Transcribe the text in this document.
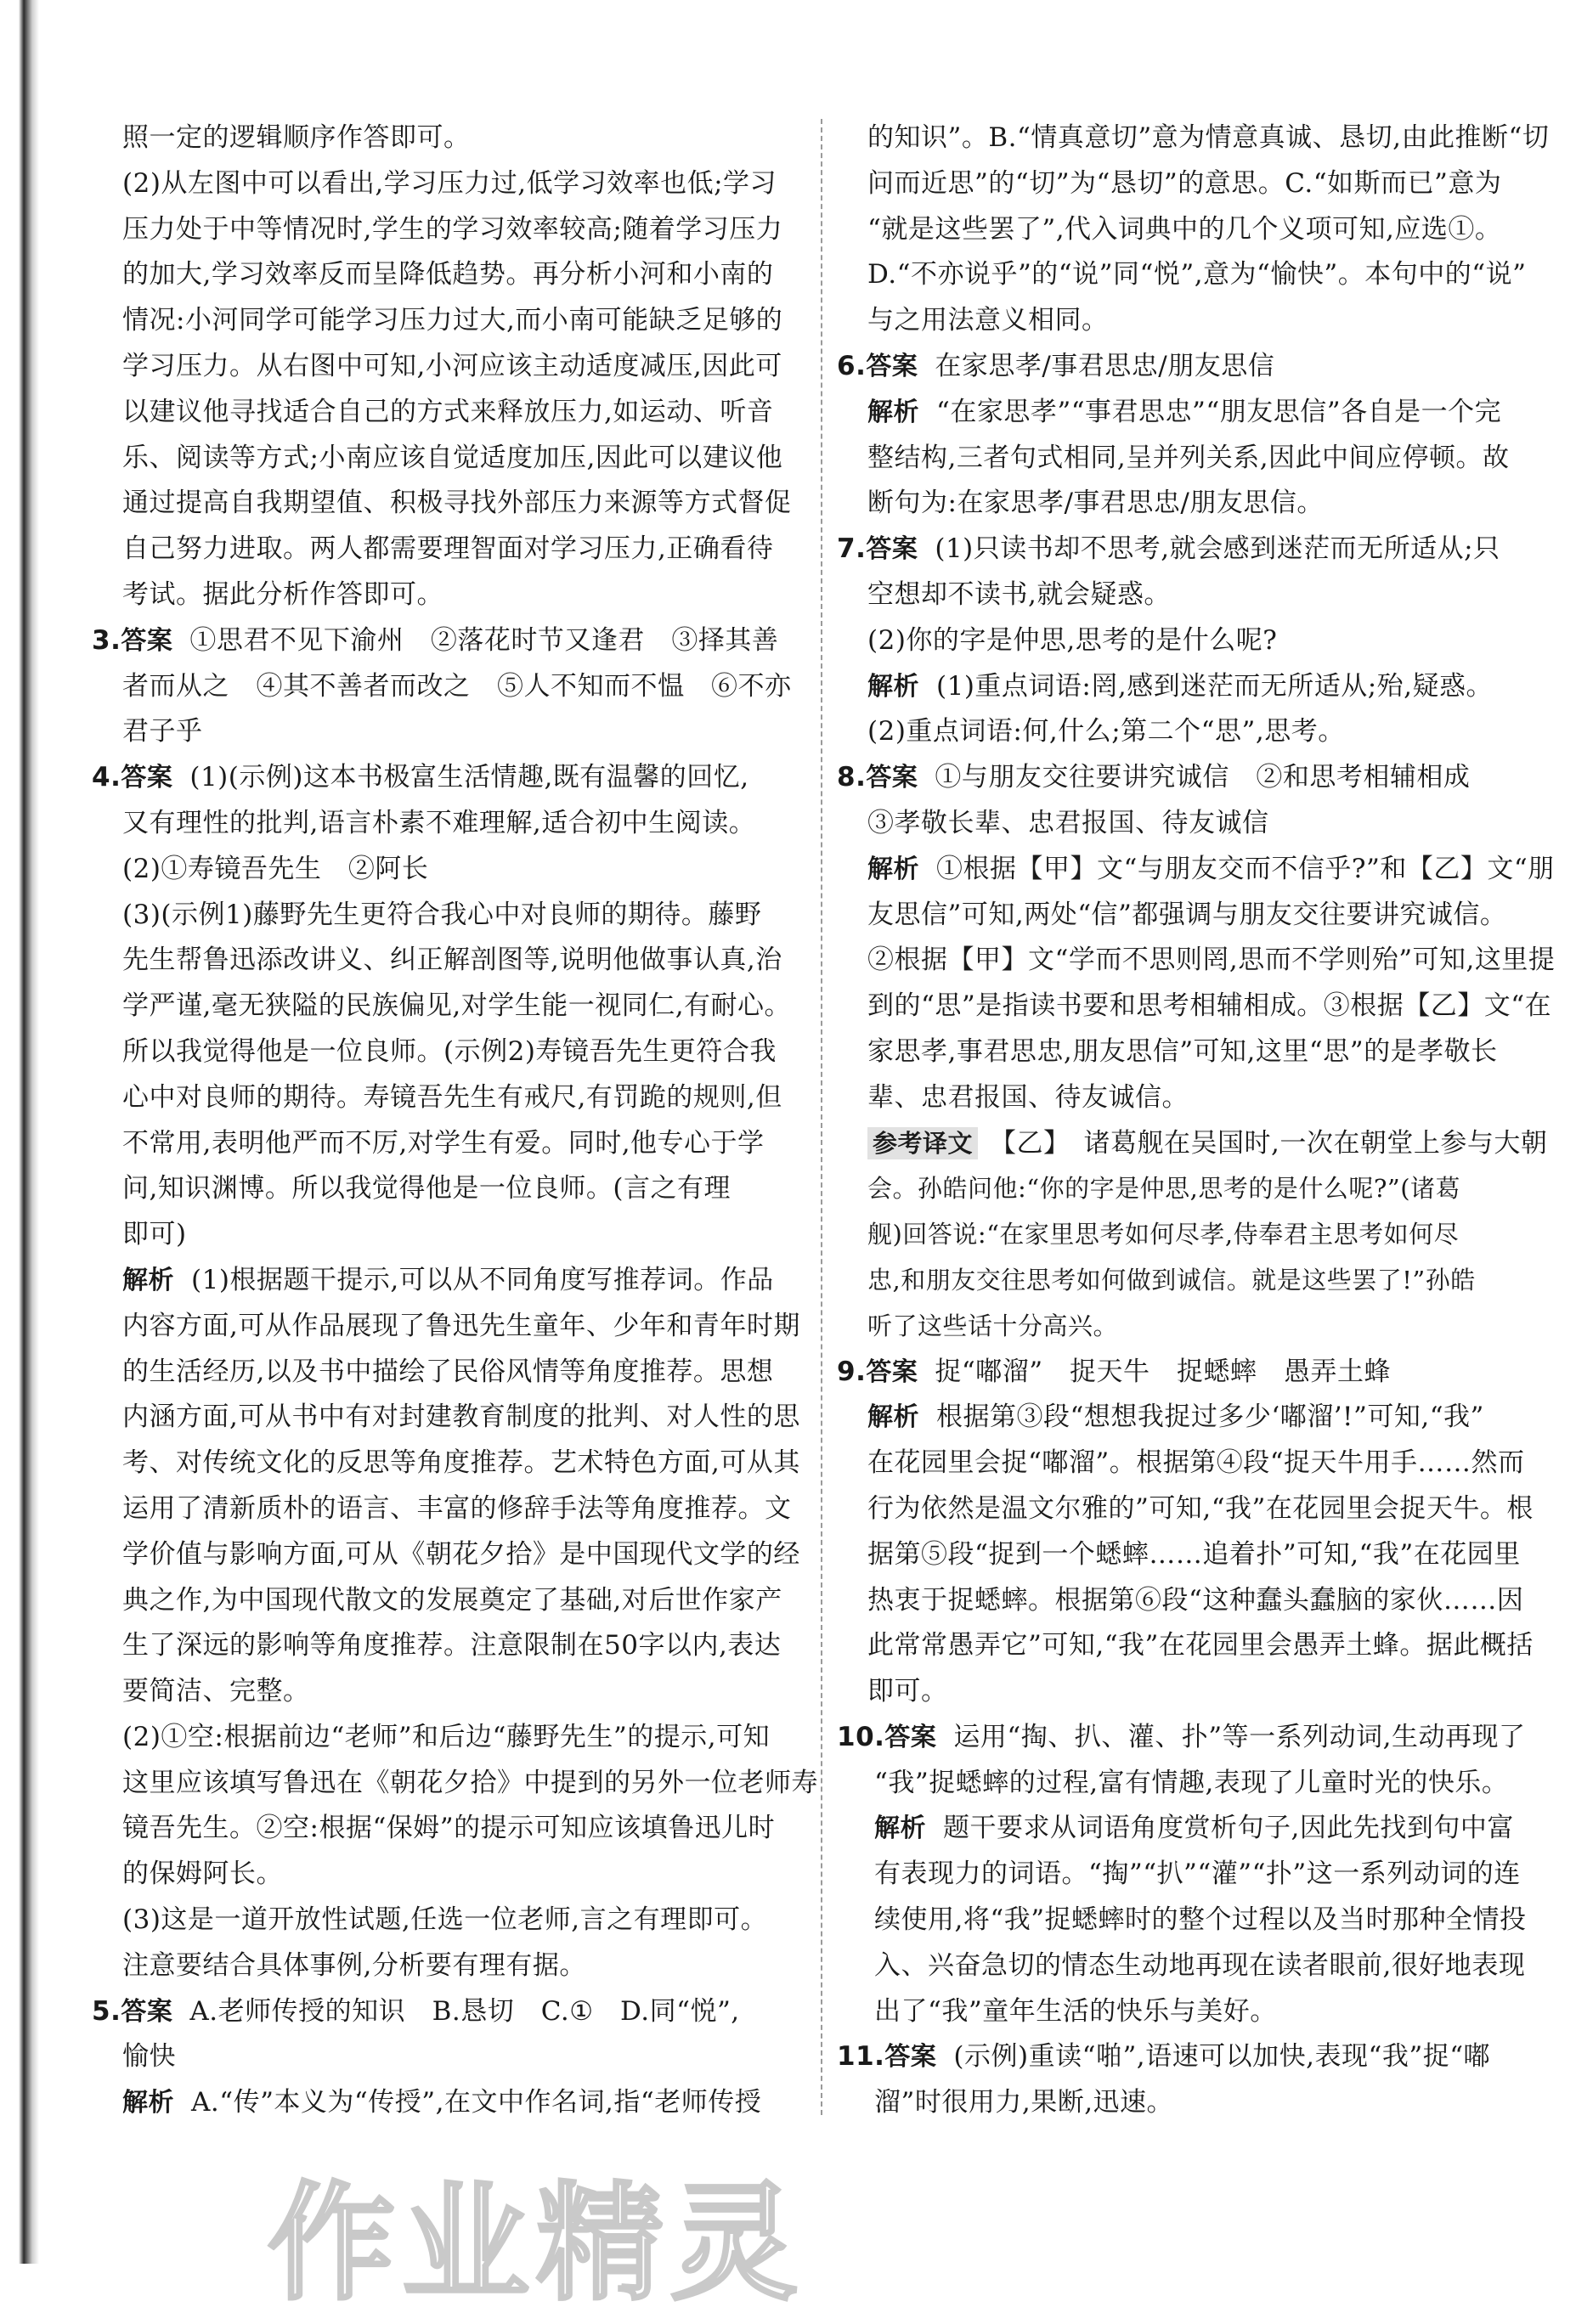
照一定的逻辑顺序作答即可。
(2)从左图中可以看出,学习压力过,低学习效率也低;学习
压力处于中等情况时,学生的学习效率较高;随着学习压力
的加大,学习效率反而呈降低趋势。再分析小河和小南的
情况:小河同学可能学习压力过大,而小南可能缺乏足够的
学习压力。从右图中可知,小河应该主动适度减压,因此可
以建议他寻找适合自己的方式来释放压力,如运动、听音
乐、阅读等方式;小南应该自觉适度加压,因此可以建议他
通过提高自我期望值、积极寻找外部压力来源等方式督促
自己努力进取。两人都需要理智面对学习压力,正确看待
考试。据此分析作答即可。
3.答案 ①思君不见下渝州　②落花时节又逢君　③择其善
者而从之　④其不善者而改之　⑤人不知而不愠　⑥不亦
君子乎
4.答案 (1)(示例)这本书极富生活情趣,既有温馨的回忆,
又有理性的批判,语言朴素不难理解,适合初中生阅读。
(2)①寿镜吾先生　②阿长
(3)(示例1)藤野先生更符合我心中对良师的期待。藤野
先生帮鲁迅添改讲义、纠正解剖图等,说明他做事认真,治
学严谨,毫无狭隘的民族偏见,对学生能一视同仁,有耐心。
所以我觉得他是一位良师。(示例2)寿镜吾先生更符合我
心中对良师的期待。寿镜吾先生有戒尺,有罚跪的规则,但
不常用,表明他严而不厉,对学生有爱。同时,他专心于学
问,知识渊博。所以我觉得他是一位良师。(言之有理
即可)
解析 (1)根据题干提示,可以从不同角度写推荐词。作品
内容方面,可从作品展现了鲁迅先生童年、少年和青年时期
的生活经历,以及书中描绘了民俗风情等角度推荐。思想
内涵方面,可从书中有对封建教育制度的批判、对人性的思
考、对传统文化的反思等角度推荐。艺术特色方面,可从其
运用了清新质朴的语言、丰富的修辞手法等角度推荐。文
学价值与影响方面,可从《朝花夕拾》是中国现代文学的经
典之作,为中国现代散文的发展奠定了基础,对后世作家产
生了深远的影响等角度推荐。注意限制在50字以内,表达
要简洁、完整。
(2)①空:根据前边“老师”和后边“藤野先生”的提示,可知
这里应该填写鲁迅在《朝花夕拾》中提到的另外一位老师寿
镜吾先生。②空:根据“保姆”的提示可知应该填鲁迅儿时
的保姆阿长。
(3)这是一道开放性试题,任选一位老师,言之有理即可。
注意要结合具体事例,分析要有理有据。
5.答案 A.老师传授的知识　B.恳切　C.①　D.同“悦”,
愉快
解析 A.“传”本义为“传授”,在文中作名词,指“老师传授
的知识”。B.“情真意切”意为情意真诚、恳切,由此推断“切
问而近思”的“切”为“恳切”的意思。C.“如斯而已”意为
“就是这些罢了”,代入词典中的几个义项可知,应选①。
D.“不亦说乎”的“说”同“悦”,意为“愉快”。本句中的“说”
与之用法意义相同。
6.答案 在家思孝/事君思忠/朋友思信
解析 “在家思孝”“事君思忠”“朋友思信”各自是一个完
整结构,三者句式相同,呈并列关系,因此中间应停顿。故
断句为:在家思孝/事君思忠/朋友思信。
7.答案 (1)只读书却不思考,就会感到迷茫而无所适从;只
空想却不读书,就会疑惑。
(2)你的字是仲思,思考的是什么呢?
解析 (1)重点词语:罔,感到迷茫而无所适从;殆,疑惑。
(2)重点词语:何,什么;第二个“思”,思考。
8.答案 ①与朋友交往要讲究诚信　②和思考相辅相成
③孝敬长辈、忠君报国、待友诚信
解析 ①根据【甲】文“与朋友交而不信乎?”和【乙】文“朋
友思信”可知,两处“信”都强调与朋友交往要讲究诚信。
②根据【甲】文“学而不思则罔,思而不学则殆”可知,这里提
到的“思”是指读书要和思考相辅相成。③根据【乙】文“在
家思孝,事君思忠,朋友思信”可知,这里“思”的是孝敬长
辈、忠君报国、待友诚信。
参考译文 【乙】　诸葛舰在吴国时,一次在朝堂上参与大朝
会。孙皓问他:“你的字是仲思,思考的是什么呢?”(诸葛
舰)回答说:“在家里思考如何尽孝,侍奉君主思考如何尽
忠,和朋友交往思考如何做到诚信。就是这些罢了!”孙皓
听了这些话十分高兴。
9.答案 捉“嘟溜”　捉天牛　捉蟋蟀　愚弄土蜂
解析 根据第③段“想想我捉过多少‘嘟溜’!”可知,“我”
在花园里会捉“嘟溜”。根据第④段“捉天牛用手……然而
行为依然是温文尔雅的”可知,“我”在花园里会捉天牛。根
据第⑤段“捉到一个蟋蟀……追着扑”可知,“我”在花园里
热衷于捉蟋蟀。根据第⑥段“这种蠢头蠢脑的家伙……因
此常常愚弄它”可知,“我”在花园里会愚弄土蜂。据此概括
即可。
10.答案 运用“掏、扒、灌、扑”等一系列动词,生动再现了
“我”捉蟋蟀的过程,富有情趣,表现了儿童时光的快乐。
解析 题干要求从词语角度赏析句子,因此先找到句中富
有表现力的词语。“掏”“扒”“灌”“扑”这一系列动词的连
续使用,将“我”捉蟋蟀时的整个过程以及当时那种全情投
入、兴奋急切的情态生动地再现在读者眼前,很好地表现
出了“我”童年生活的快乐与美好。
11.答案 (示例)重读“啪”,语速可以加快,表现“我”捉“嘟
溜”时很用力,果断,迅速。
作业精灵
